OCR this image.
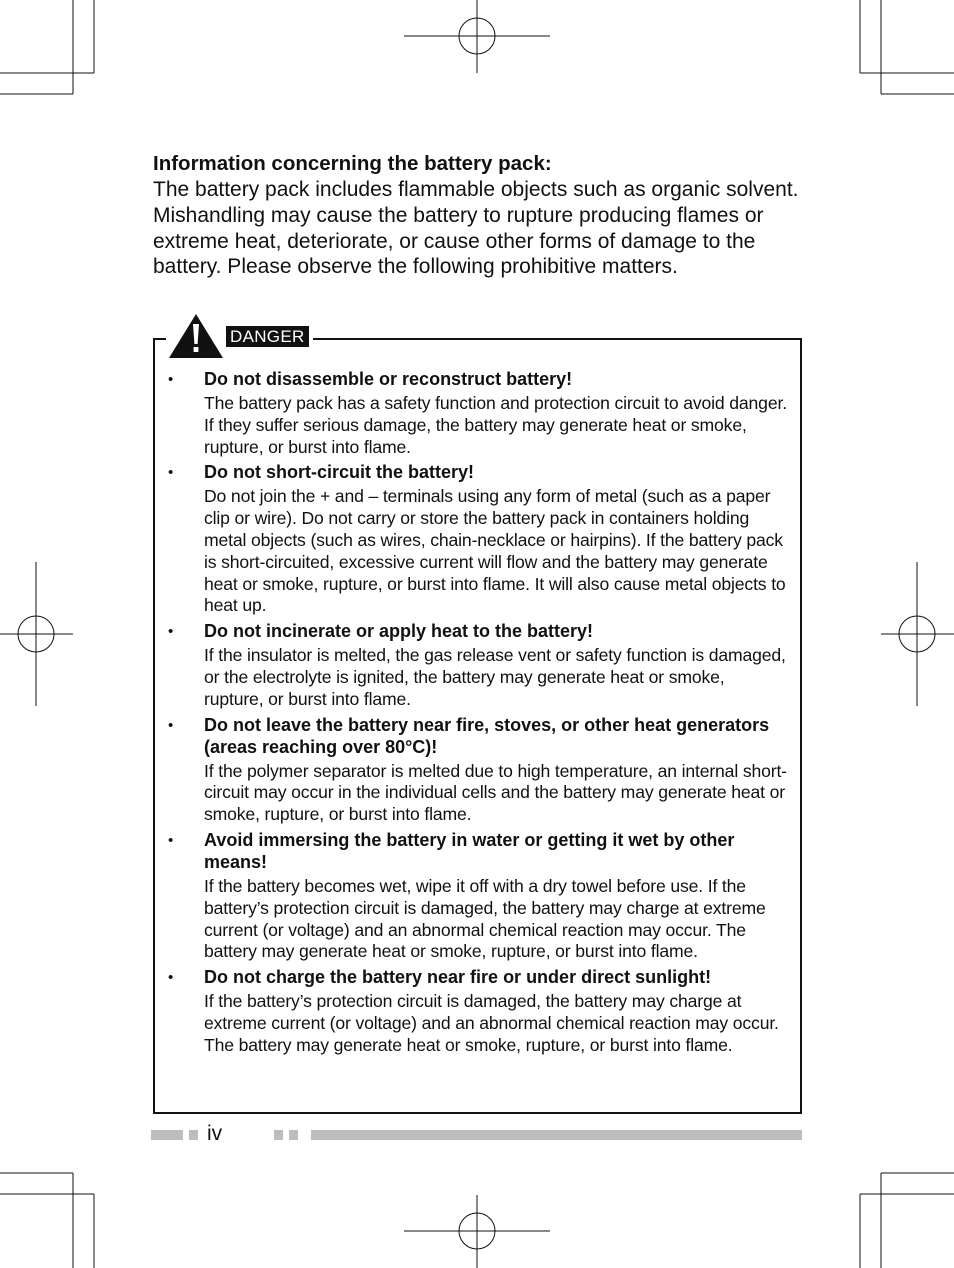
Information concerning the battery pack:

The battery pack includes flammable objects such as organic solvent. Mishandling may cause the battery to rupture producing flames or extreme heat, deteriorate, or cause other forms of damage to the battery. Please observe the following prohibitive matters.

DANGER
• Do not disassemble or reconstruct battery!

The battery pack has a safety function and protection circuit to avoid danger. If they suffer serious damage, the battery may generate heat or smoke, rupture, or burst into flame.

• Do not short-circuit the battery!

Do not join the + and – terminals using any form of metal (such as a paper clip or wire). Do not carry or store the battery pack in containers holding metal objects (such as wires, chain-necklace or hairpins). If the battery pack is short-circuited, excessive current will flow and the battery may generate heat or smoke, rupture, or burst into flame. It will also cause metal objects to heat up.

• Do not incinerate or apply heat to the battery!

If the insulator is melted, the gas release vent or safety function is damaged, or the electrolyte is ignited, the battery may generate heat or smoke, rupture, or burst into flame.

• Do not leave the battery near fire, stoves, or other heat generators (areas reaching over 80°C)!

If the polymer separator is melted due to high temperature, an internal short-circuit may occur in the individual cells and the battery may generate heat or smoke, rupture, or burst into flame.

• Avoid immersing the battery in water or getting it wet by other means!

If the battery becomes wet, wipe it off with a dry towel before use. If the battery’s protection circuit is damaged, the battery may charge at extreme current (or voltage) and an abnormal chemical reaction may occur. The battery may generate heat or smoke, rupture, or burst into flame.

• Do not charge the battery near fire or under direct sunlight!

If the battery’s protection circuit is damaged, the battery may charge at extreme current (or voltage) and an abnormal chemical reaction may occur. The battery may generate heat or smoke, rupture, or burst into flame.

iv
